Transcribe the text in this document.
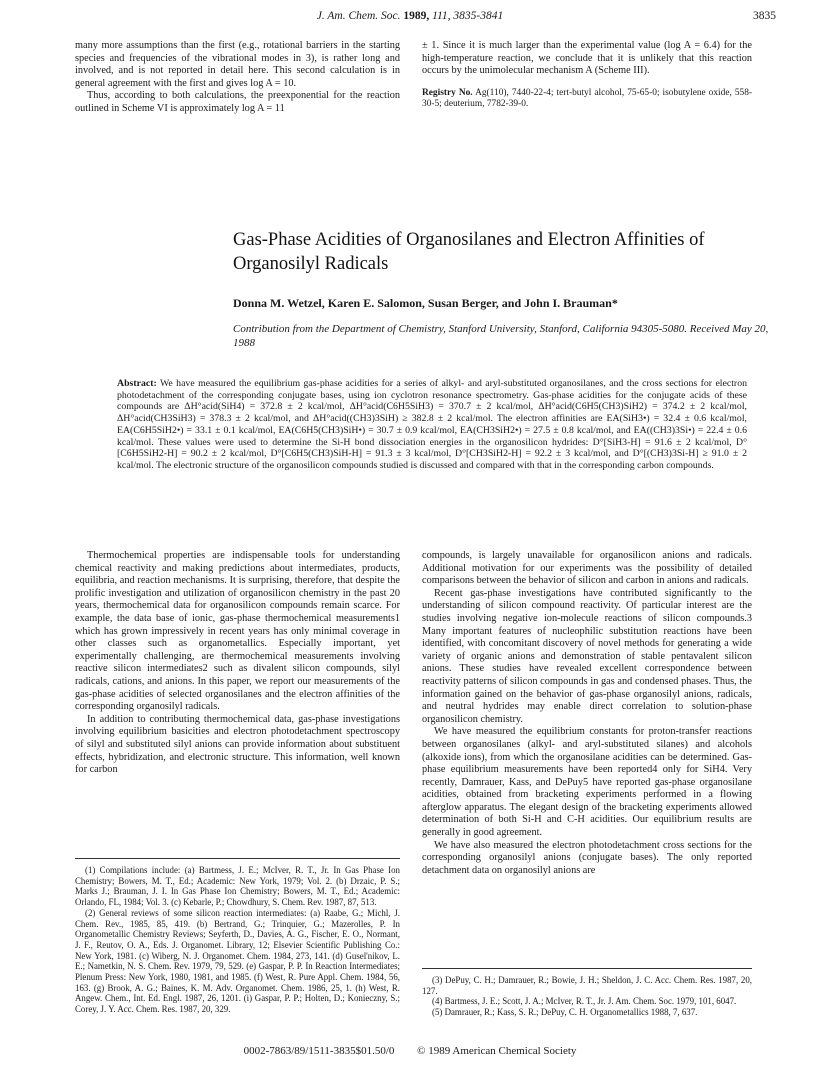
J. Am. Chem. Soc. 1989, 111, 3835-3841	3835

many more assumptions than the first (e.g., rotational barriers in the starting species and frequencies of the vibrational modes in 3), is rather long and involved, and is not reported in detail here. This second calculation is in general agreement with the first and gives log A = 10.

Thus, according to both calculations, the preexponential for the reaction outlined in Scheme VI is approximately log A = 11

± 1. Since it is much larger than the experimental value (log A = 6.4) for the high-temperature reaction, we conclude that it is unlikely that this reaction occurs by the unimolecular mechanism A (Scheme III).

Registry No. Ag(110), 7440-22-4; tert-butyl alcohol, 75-65-0; isobutylene oxide, 558-30-5; deuterium, 7782-39-0.

Gas-Phase Acidities of Organosilanes and Electron Affinities of Organosilyl Radicals
Donna M. Wetzel, Karen E. Salomon, Susan Berger, and John I. Brauman*
Contribution from the Department of Chemistry, Stanford University, Stanford, California 94305-5080. Received May 20, 1988
Abstract: We have measured the equilibrium gas-phase acidities for a series of alkyl- and aryl-substituted organosilanes, and the cross sections for electron photodetachment of the corresponding conjugate bases, using ion cyclotron resonance spectrometry. Gas-phase acidities for the conjugate acids of these compounds are ΔH°acid(SiH4) = 372.8 ± 2 kcal/mol, ΔH°acid(C6H5SiH3) = 370.7 ± 2 kcal/mol, ΔH°acid(C6H5(CH3)SiH2) = 374.2 ± 2 kcal/mol, ΔH°acid(CH3SiH3) = 378.3 ± 2 kcal/mol, and ΔH°acid((CH3)3SiH) ≥ 382.8 ± 2 kcal/mol. The electron affinities are EA(SiH3•) = 32.4 ± 0.6 kcal/mol, EA(C6H5SiH2•) = 33.1 ± 0.1 kcal/mol, EA(C6H5(CH3)SiH•) = 30.7 ± 0.9 kcal/mol, EA(CH3SiH2•) = 27.5 ± 0.8 kcal/mol, and EA((CH3)3Si•) = 22.4 ± 0.6 kcal/mol. These values were used to determine the Si-H bond dissociation energies in the organosilicon hydrides: D°[SiH3-H] = 91.6 ± 2 kcal/mol, D°[C6H5SiH2-H] = 90.2 ± 2 kcal/mol, D°[C6H5(CH3)SiH-H] = 91.3 ± 3 kcal/mol, D°[CH3SiH2-H] = 92.2 ± 3 kcal/mol, and D°[(CH3)3Si-H] ≥ 91.0 ± 2 kcal/mol. The electronic structure of the organosilicon compounds studied is discussed and compared with that in the corresponding carbon compounds.

Thermochemical properties are indispensable tools for understanding chemical reactivity and making predictions about intermediates, products, equilibria, and reaction mechanisms. It is surprising, therefore, that despite the prolific investigation and utilization of organosilicon chemistry in the past 20 years, thermochemical data for organosilicon compounds remain scarce. For example, the data base of ionic, gas-phase thermochemical measurements1 which has grown impressively in recent years has only minimal coverage in other classes such as organometallics. Especially important, yet experimentally challenging, are thermochemical measurements involving reactive silicon intermediates2 such as divalent silicon compounds, silyl radicals, cations, and anions. In this paper, we report our measurements of the gas-phase acidities of selected organosilanes and the electron affinities of the corresponding organosilyl radicals.

In addition to contributing thermochemical data, gas-phase investigations involving equilibrium basicities and electron photodetachment spectroscopy of silyl and substituted silyl anions can provide information about substituent effects, hybridization, and electronic structure. This information, well known for carbon

compounds, is largely unavailable for organosilicon anions and radicals. Additional motivation for our experiments was the possibility of detailed comparisons between the behavior of silicon and carbon in anions and radicals.

Recent gas-phase investigations have contributed significantly to the understanding of silicon compound reactivity. Of particular interest are the studies involving negative ion-molecule reactions of silicon compounds.3 Many important features of nucleophilic substitution reactions have been identified, with concomitant discovery of novel methods for generating a wide variety of organic anions and demonstration of stable pentavalent silicon anions. These studies have revealed excellent correspondence between reactivity patterns of silicon compounds in gas and condensed phases. Thus, the information gained on the behavior of gas-phase organosilyl anions, radicals, and neutral hydrides may enable direct correlation to solution-phase organosilicon chemistry.

We have measured the equilibrium constants for proton-transfer reactions between organosilanes (alkyl- and aryl-substituted silanes) and alcohols (alkoxide ions), from which the organosilane acidities can be determined. Gas-phase equilibrium measurements have been reported4 only for SiH4. Very recently, Damrauer, Kass, and DePuy5 have reported gas-phase organosilane acidities, obtained from bracketing experiments performed in a flowing afterglow apparatus. The elegant design of the bracketing experiments allowed determination of both Si-H and C-H acidities. Our equilibrium results are generally in good agreement.

We have also measured the electron photodetachment cross sections for the corresponding organosilyl anions (conjugate bases). The only reported detachment data on organosilyl anions are

(1) Compilations include: (a) Bartmess, J. E.; McIver, R. T., Jr. In Gas Phase Ion Chemistry; Bowers, M. T., Ed.; Academic: New York, 1979; Vol. 2. (b) Drzaic, P. S.; Marks J.; Brauman, J. I. In Gas Phase Ion Chemistry; Bowers, M. T., Ed.; Academic: Orlando, FL, 1984; Vol. 3. (c) Kebarle, P.; Chowdhury, S. Chem. Rev. 1987, 87, 513.

(2) General reviews of some silicon reaction intermediates: (a) Raabe, G.; Michl, J. Chem. Rev., 1985, 85, 419. (b) Bertrand, G.; Trinquier, G.; Mazerolles, P. In Organometallic Chemistry Reviews; Seyferth, D., Davies, A. G., Fischer, E. O., Normant, J. F., Reutov, O. A., Eds. J. Organomet. Library, 12; Elsevier Scientific Publishing Co.: New York, 1981. (c) Wiberg, N. J. Organomet. Chem. 1984, 273, 141. (d) Gusel'nikov, L. E.; Nametkin, N. S. Chem. Rev. 1979, 79, 529. (e) Gaspar, P. P. In Reaction Intermediates; Plenum Press: New York, 1980, 1981, and 1985. (f) West, R. Pure Appl. Chem. 1984, 56, 163. (g) Brook, A. G.; Baines, K. M. Adv. Organomet. Chem. 1986, 25, 1. (h) West, R. Angew. Chem., Int. Ed. Engl. 1987, 26, 1201. (i) Gaspar, P. P.; Holten, D.; Konieczny, S.; Corey, J. Y. Acc. Chem. Res. 1987, 20, 329.

(3) DePuy, C. H.; Damrauer, R.; Bowie, J. H.; Sheldon, J. C. Acc. Chem. Res. 1987, 20, 127.

(4) Bartmess, J. E.; Scott, J. A.; McIver, R. T., Jr. J. Am. Chem. Soc. 1979, 101, 6047.

(5) Damrauer, R.; Kass, S. R.; DePuy, C. H. Organometallics 1988, 7, 637.

0002-7863/89/1511-3835$01.50/0 © 1989 American Chemical Society
